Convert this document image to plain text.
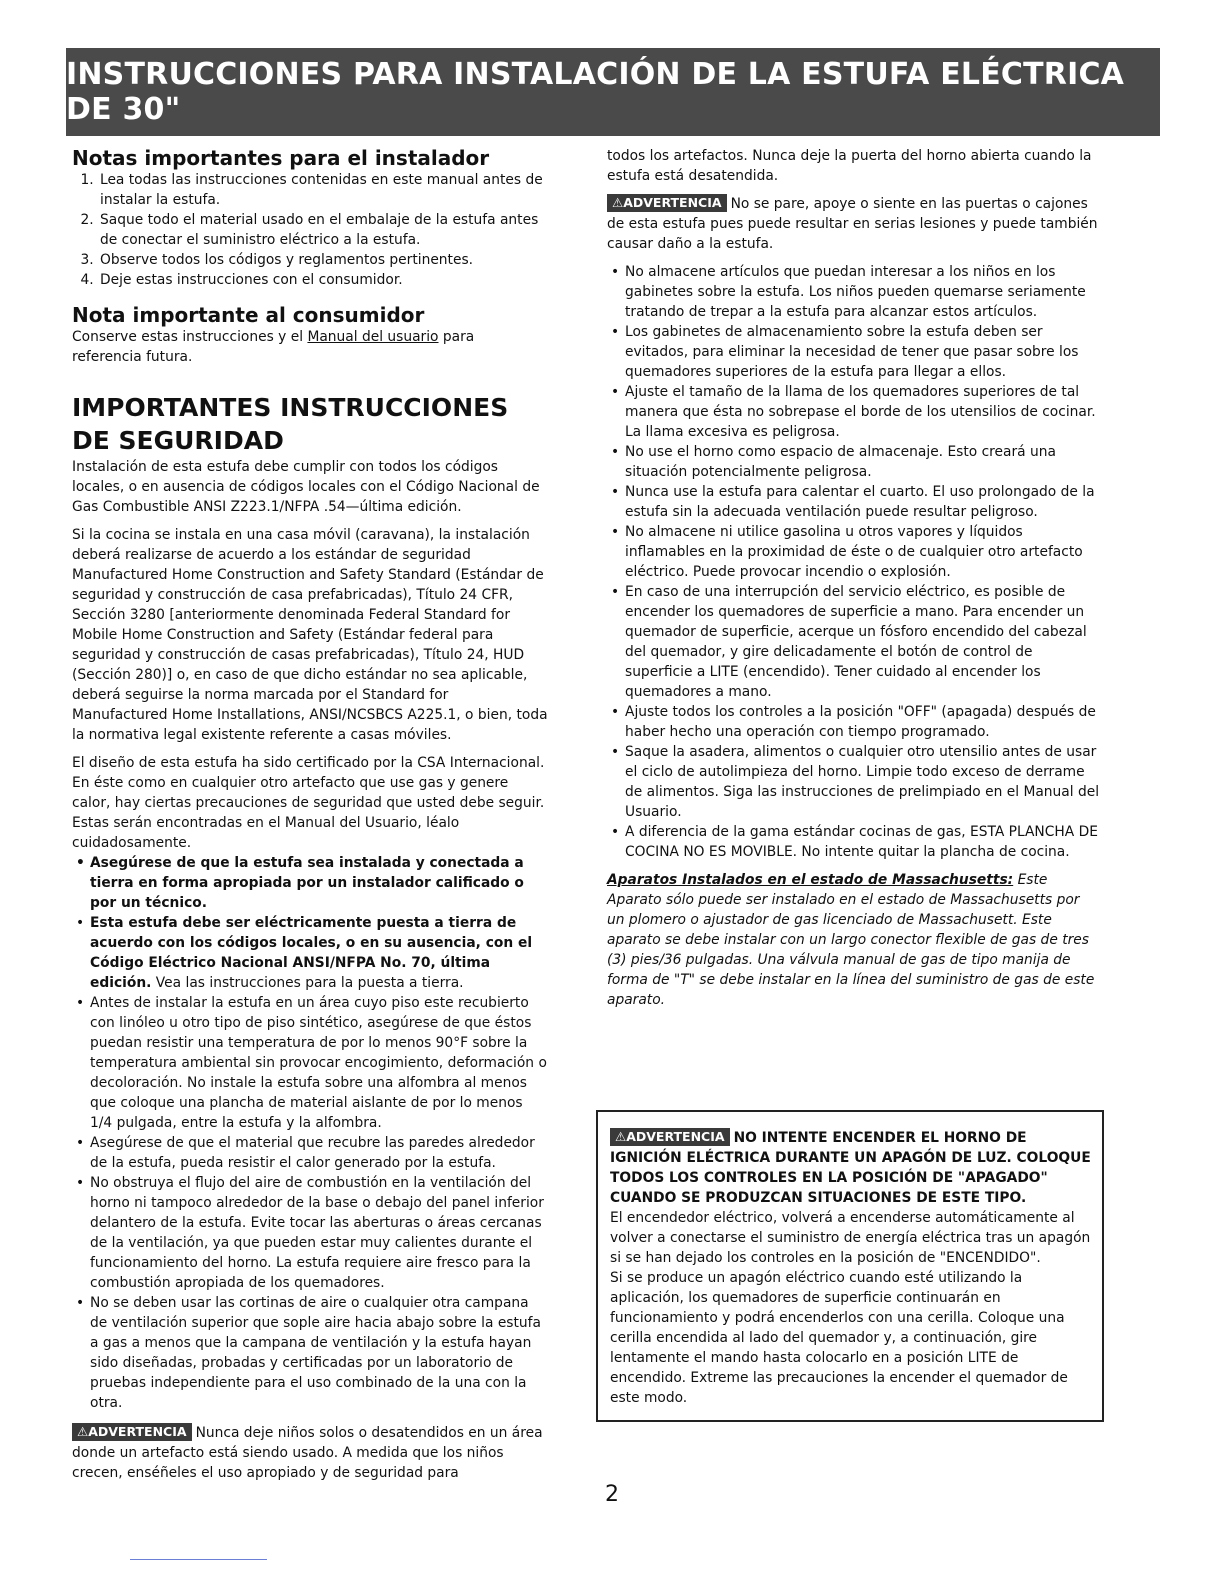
INSTRUCCIONES PARA INSTALACIÓN DE LA ESTUFA ELÉCTRICA DE 30"
Notas importantes para el instalador
1. Lea todas las instrucciones contenidas en este manual antes de instalar la estufa.
2. Saque todo el material usado en el embalaje de la estufa antes de conectar el suministro eléctrico a la estufa.
3. Observe todos los códigos y reglamentos pertinentes.
4. Deje estas instrucciones con el consumidor.
Nota importante al consumidor

Conserve estas instrucciones y el Manual del usuario para referencia futura.

IMPORTANTES INSTRUCCIONES DE SEGURIDAD

Instalación de esta estufa debe cumplir con todos los códigos locales, o en ausencia de códigos locales con el Código Nacional de Gas Combustible ANSI Z223.1/NFPA .54—última edición.

Si la cocina se instala en una casa móvil (caravana), la instalación deberá realizarse de acuerdo a los estándar de seguridad Manufactured Home Construction and Safety Standard (Estándar de seguridad y construcción de casa prefabricadas), Título 24 CFR, Sección 3280 [anteriormente denominada Federal Standard for Mobile Home Construction and Safety (Estándar federal para seguridad y construcción de casas prefabricadas), Título 24, HUD (Sección 280)] o, en caso de que dicho estándar no sea aplicable, deberá seguirse la norma marcada por el Standard for Manufactured Home Installations, ANSI/NCSBCS A225.1, o bien, toda la normativa legal existente referente a casas móviles.

El diseño de esta estufa ha sido certificado por la CSA Internacional. En éste como en cualquier otro artefacto que use gas y genere calor, hay ciertas precauciones de seguridad que usted debe seguir. Estas serán encontradas en el Manual del Usuario, léalo cuidadosamente.

• Asegúrese de que la estufa sea instalada y conectada a tierra en forma apropiada por un instalador calificado o por un técnico.
• Esta estufa debe ser eléctricamente puesta a tierra de acuerdo con los códigos locales, o en su ausencia, con el Código Eléctrico Nacional ANSI/NFPA No. 70, última edición. Vea las instrucciones para la puesta a tierra.
• Antes de instalar la estufa en un área cuyo piso este recubierto con linóleo u otro tipo de piso sintético, asegúrese de que éstos puedan resistir una temperatura de por lo menos 90°F sobre la temperatura ambiental sin provocar encogimiento, deformación o decoloración. No instale la estufa sobre una alfombra al menos que coloque una plancha de material aislante de por lo menos 1/4 pulgada, entre la estufa y la alfombra.
• Asegúrese de que el material que recubre las paredes alrededor de la estufa, pueda resistir el calor generado por la estufa.
• No obstruya el flujo del aire de combustión en la ventilación del horno ni tampoco alrededor de la base o debajo del panel inferior delantero de la estufa. Evite tocar las aberturas o áreas cercanas de la ventilación, ya que pueden estar muy calientes durante el funcionamiento del horno. La estufa requiere aire fresco para la combustión apropiada de los quemadores.
• No se deben usar las cortinas de aire o cualquier otra campana de ventilación superior que sople aire hacia abajo sobre la estufa a gas a menos que la campana de ventilación y la estufa hayan sido diseñadas, probadas y certificadas por un laboratorio de pruebas independiente para el uso combinado de la una con la otra.

⚠ADVERTENCIA Nunca deje niños solos o desatendidos en un área donde un artefacto está siendo usado. A medida que los niños crecen, enséñeles el uso apropiado y de seguridad para

todos los artefactos. Nunca deje la puerta del horno abierta cuando la estufa está desatendida.

⚠ADVERTENCIA No se pare, apoye o siente en las puertas o cajones de esta estufa pues puede resultar en serias lesiones y puede también causar daño a la estufa.

• No almacene artículos que puedan interesar a los niños en los gabinetes sobre la estufa. Los niños pueden quemarse seriamente tratando de trepar a la estufa para alcanzar estos artículos.
• Los gabinetes de almacenamiento sobre la estufa deben ser evitados, para eliminar la necesidad de tener que pasar sobre los quemadores superiores de la estufa para llegar a ellos.
• Ajuste el tamaño de la llama de los quemadores superiores de tal manera que ésta no sobrepase el borde de los utensilios de cocinar. La llama excesiva es peligrosa.
• No use el horno como espacio de almacenaje. Esto creará una situación potencialmente peligrosa.
• Nunca use la estufa para calentar el cuarto. El uso prolongado de la estufa sin la adecuada ventilación puede resultar peligroso.
• No almacene ni utilice gasolina u otros vapores y líquidos inflamables en la proximidad de éste o de cualquier otro artefacto eléctrico. Puede provocar incendio o explosión.
• En caso de una interrupción del servicio eléctrico, es posible de encender los quemadores de superficie a mano. Para encender un quemador de superficie, acerque un fósforo encendido del cabezal del quemador, y gire delicadamente el botón de control de superficie a LITE (encendido). Tener cuidado al encender los quemadores a mano.
• Ajuste todos los controles a la posición "OFF" (apagada) después de haber hecho una operación con tiempo programado.
• Saque la asadera, alimentos o cualquier otro utensilio antes de usar el ciclo de autolimpieza del horno. Limpie todo exceso de derrame de alimentos. Siga las instrucciones de prelimpiado en el Manual del Usuario.
• A diferencia de la gama estándar cocinas de gas, ESTA PLANCHA DE COCINA NO ES MOVIBLE. No intente quitar la plancha de cocina.

Aparatos Instalados en el estado de Massachusetts: Este Aparato sólo puede ser instalado en el estado de Massachusetts por un plomero o ajustador de gas licenciado de Massachusett. Este aparato se debe instalar con un largo conector flexible de gas de tres (3) pies/36 pulgadas. Una válvula manual de gas de tipo manija de forma de "T" se debe instalar en la línea del suministro de gas de este aparato.

⚠ADVERTENCIA NO INTENTE ENCENDER EL HORNO DE IGNICIÓN ELÉCTRICA DURANTE UN APAGÓN DE LUZ. COLOQUE TODOS LOS CONTROLES EN LA POSICIÓN DE "APAGADO" CUANDO SE PRODUZCAN SITUACIONES DE ESTE TIPO.

El encendedor eléctrico, volverá a encenderse automáticamente al volver a conectarse el suministro de energía eléctrica tras un apagón si se han dejado los controles en la posición de "ENCENDIDO".

Si se produce un apagón eléctrico cuando esté utilizando la aplicación, los quemadores de superficie continuarán en funcionamiento y podrá encenderlos con una cerilla. Coloque una cerilla encendida al lado del quemador y, a continuación, gire lentamente el mando hasta colocarlo en a posición LITE de encendido. Extreme las precauciones la encender el quemador de este modo.

2
